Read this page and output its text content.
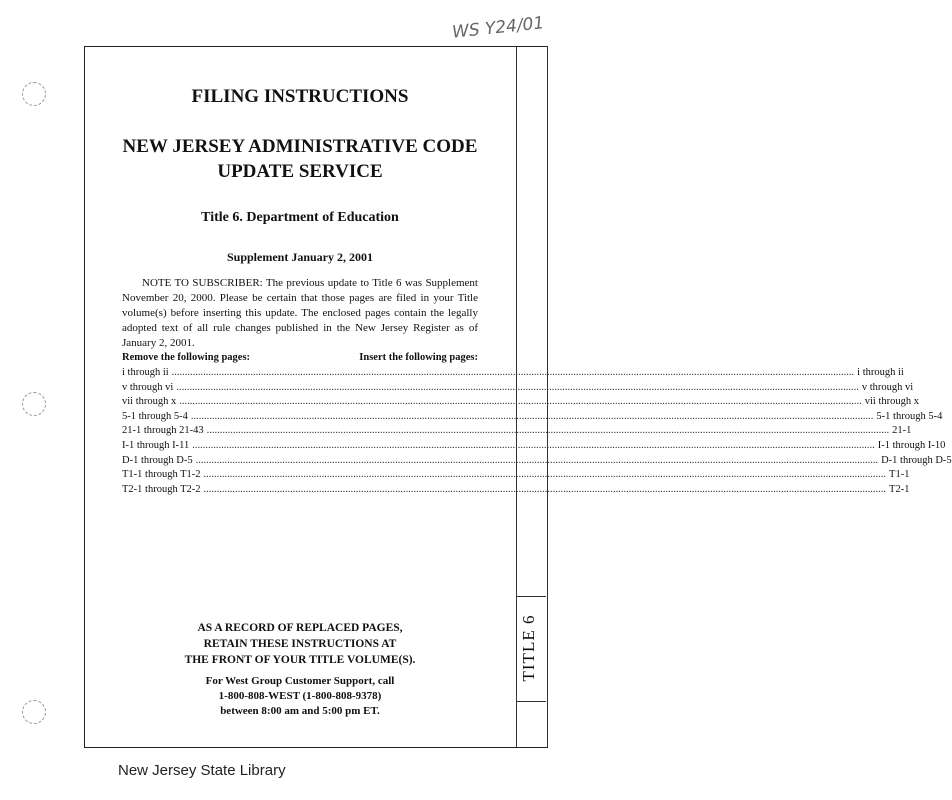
WS Y24/01
TITLE 6
FILING INSTRUCTIONS
NEW JERSEY ADMINISTRATIVE CODE
UPDATE SERVICE
Title 6. Department of Education
Supplement January 2, 2001
NOTE TO SUBSCRIBER: The previous update to Title 6 was Supplement November 20, 2000. Please be certain that those pages are filed in your Title volume(s) before inserting this update. The enclosed pages contain the legally adopted text of all rule changes published in the New Jersey Register as of January 2, 2001.
Remove the following pages:	Insert the following pages:
i through ii .................................................................................................................................................................................................................................................................... i through ii
v through vi .................................................................................................................................................................................................................................................................... v through vi
vii through x .................................................................................................................................................................................................................................................................... vii through x
5-1 through 5-4 .................................................................................................................................................................................................................................................................... 5-1 through 5-4
21-1 through 21-43 .................................................................................................................................................................................................................................................................... 21-1
I-1 through I-11 .................................................................................................................................................................................................................................................................... I-1 through I-10
D-1 through D-5 .................................................................................................................................................................................................................................................................... D-1 through D-5
T1-1 through T1-2 .................................................................................................................................................................................................................................................................... T1-1
T2-1 through T2-2 .................................................................................................................................................................................................................................................................... T2-1
AS A RECORD OF REPLACED PAGES,
RETAIN THESE INSTRUCTIONS AT
THE FRONT OF YOUR TITLE VOLUME(S).
For West Group Customer Support, call
1-800-808-WEST (1-800-808-9378)
between 8:00 am and 5:00 pm ET.
New Jersey State Library
